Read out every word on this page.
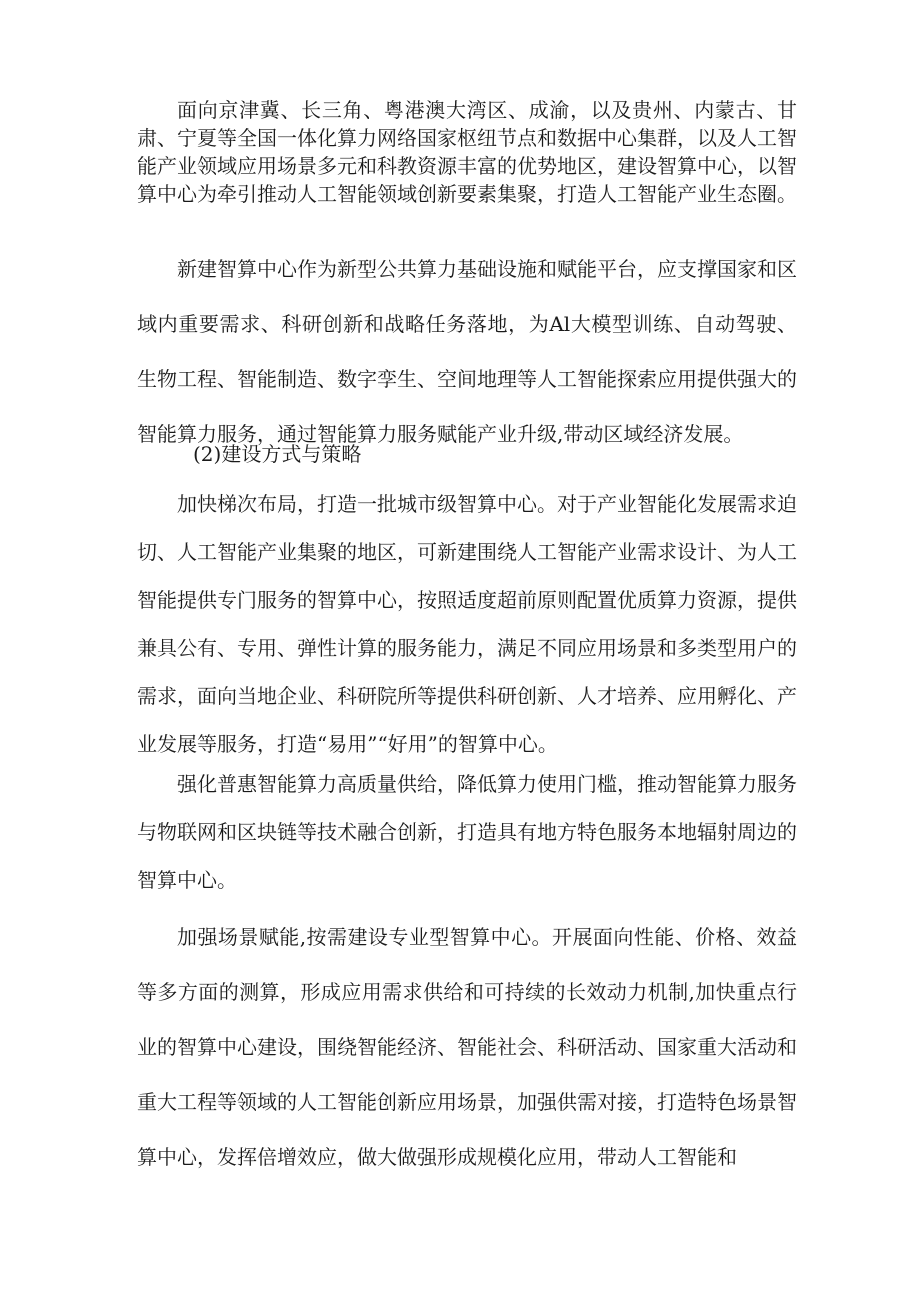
面向京津冀、长三角、粤港澳大湾区、成渝，以及贵州、内蒙古、甘肃、宁夏等全国一体化算力网络国家枢纽节点和数据中心集群，以及人工智能产业领域应用场景多元和科教资源丰富的优势地区，建设智算中心，以智算中心为牵引推动人工智能领域创新要素集聚，打造人工智能产业生态圈。

新建智算中心作为新型公共算力基础设施和赋能平台，应支撑国家和区域内重要需求、科研创新和战略任务落地，为Al大模型训练、自动驾驶、生物工程、智能制造、数字孪生、空间地理等人工智能探索应用提供强大的智能算力服务，通过智能算力服务赋能产业升级,带动区域经济发展。

(2)建设方式与策略

加快梯次布局，打造一批城市级智算中心。对于产业智能化发展需求迫切、人工智能产业集聚的地区，可新建围绕人工智能产业需求设计、为人工智能提供专门服务的智算中心，按照适度超前原则配置优质算力资源，提供兼具公有、专用、弹性计算的服务能力，满足不同应用场景和多类型用户的需求，面向当地企业、科研院所等提供科研创新、人才培养、应用孵化、产业发展等服务，打造“易用”“好用”的智算中心。

强化普惠智能算力高质量供给，降低算力使用门槛，推动智能算力服务与物联网和区块链等技术融合创新，打造具有地方特色服务本地辐射周边的智算中心。

加强场景赋能,按需建设专业型智算中心。开展面向性能、价格、效益等多方面的测算，形成应用需求供给和可持续的长效动力机制,加快重点行业的智算中心建设，围绕智能经济、智能社会、科研活动、国家重大活动和重大工程等领域的人工智能创新应用场景，加强供需对接，打造特色场景智算中心，发挥倍增效应，做大做强形成规模化应用，带动人工智能和
